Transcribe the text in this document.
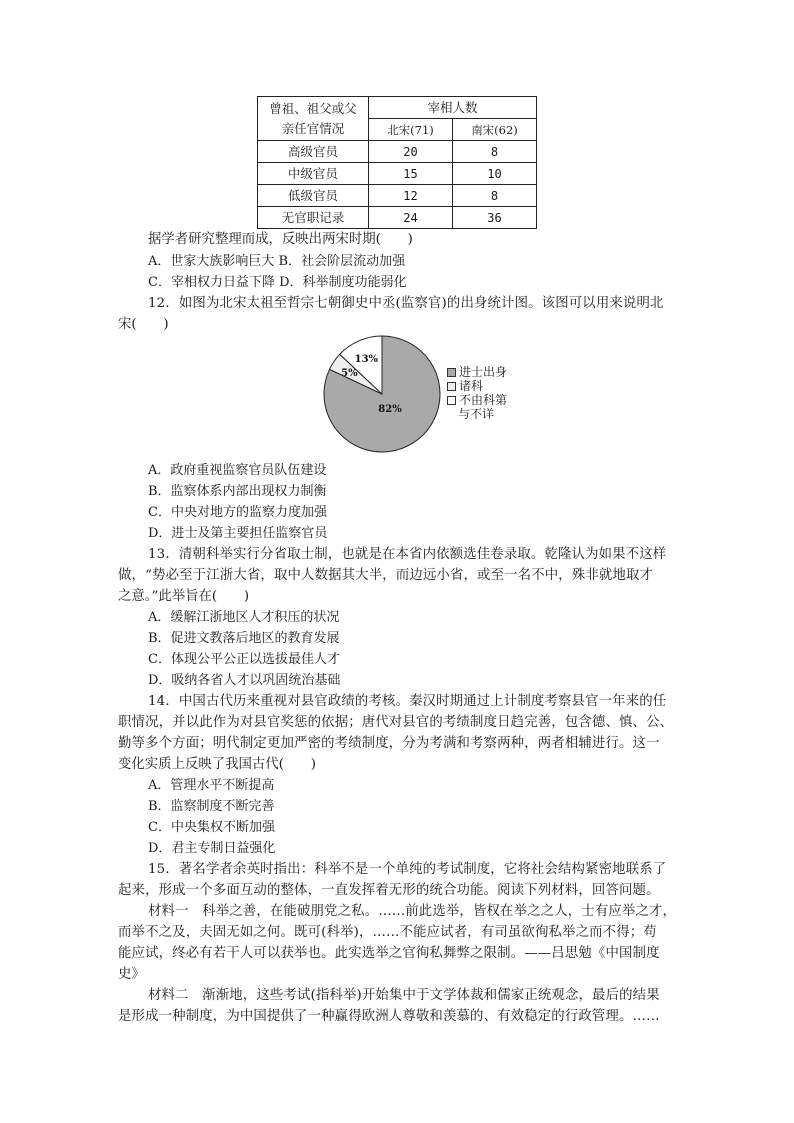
曾祖、祖父或父
亲任官情况	宰相人数	
	北宋(71)	南宋(62)
高级官员	20	8
中级官员	15	10
低级官员	12	8
无官职记录	24	36
据学者研究整理而成，反映出两宋时期(　　)
A．世家大族影响巨大 B．社会阶层流动加强
C．宰相权力日益下降 D．科举制度功能弱化
12．如图为北宋太祖至哲宗七朝御史中丞(监察官)的出身统计图。该图可以用来说明北
宋(　　)
82%
5%
13%
进士出身
诸科
不由科第
与不详
A．政府重视监察官员队伍建设
B．监察体系内部出现权力制衡
C．中央对地方的监察力度加强
D．进士及第主要担任监察官员
13．清朝科举实行分省取士制，也就是在本省内依额选佳卷录取。乾隆认为如果不这样
做，“势必至于江浙大省，取中人数据其大半，而边远小省，或至一名不中，殊非就地取才
之意。”此举旨在(　　)
A．缓解江浙地区人才积压的状况
B．促进文教落后地区的教育发展
C．体现公平公正以选拔最佳人才
D．吸纳各省人才以巩固统治基础
14．中国古代历来重视对县官政绩的考核。秦汉时期通过上计制度考察县官一年来的任
职情况，并以此作为对县官奖惩的依据；唐代对县官的考绩制度日趋完善，包含德、慎、公、
勤等多个方面；明代制定更加严密的考绩制度，分为考满和考察两种，两者相辅进行。这一
变化实质上反映了我国古代(　　)
A．管理水平不断提高
B．监察制度不断完善
C．中央集权不断加强
D．君主专制日益强化
15．著名学者余英时指出：科举不是一个单纯的考试制度，它将社会结构紧密地联系了
起来，形成一个多面互动的整体，一直发挥着无形的统合功能。阅读下列材料，回答问题。
材料一　科举之善，在能破朋党之私。……前此选举，皆权在举之之人，士有应举之才，
而举不之及，夫固无如之何。既可(科举)，……不能应试者，有司虽欲徇私举之而不得；苟
能应试，终必有若干人可以获举也。此实选举之官徇私舞弊之限制。——吕思勉《中国制度
史》
材料二　渐渐地，这些考试(指科举)开始集中于文学体裁和儒家正统观念，最后的结果
是形成一种制度，为中国提供了一种赢得欧洲人尊敬和羡慕的、有效稳定的行政管理。……
